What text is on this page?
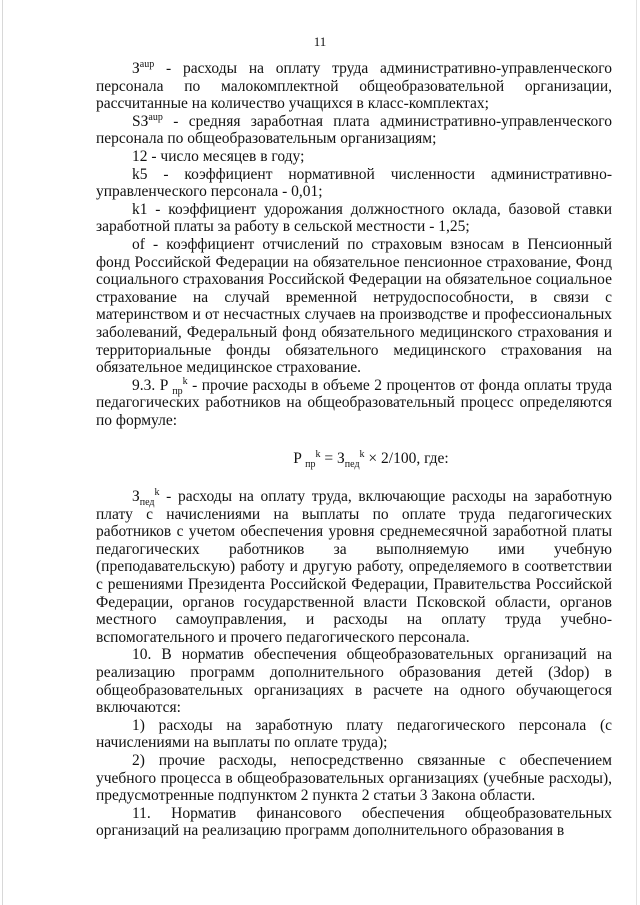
11

$З^{aup}$ - расходы на оплату труда административно-управленческого персонала по малокомплектной общеобразовательной организации, рассчитанные на количество учащихся в класс-комплектах;

$SЗ^{aup}$ - средняя заработная плата административно-управленческого персонала по общеобразовательным организациям;

12 - число месяцев в году;

k5 - коэффициент нормативной численности административно-управленческого персонала - 0,01;

k1 - коэффициент удорожания должностного оклада, базовой ставки заработной платы за работу в сельской местности - 1,25;

of - коэффициент отчислений по страховым взносам в Пенсионный фонд Российской Федерации на обязательное пенсионное страхование, Фонд социального страхования Российской Федерации на обязательное социальное страхование на случай временной нетрудоспособности, в связи с материнством и от несчастных случаев на производстве и профессиональных заболеваний, Федеральный фонд обязательного медицинского страхования и территориальные фонды обязательного медицинского страхования на обязательное медицинское страхование.

9.3. P $_{пр}^k$ - прочие расходы в объеме 2 процентов от фонда оплаты труда педагогических работников на общеобразовательный процесс определяются по формуле:

P $_{пр}^k = З_{пед}^k \times 2/100$, где:

$З_{пед}^k$ - расходы на оплату труда, включающие расходы на заработную плату с начислениями на выплаты по оплате труда педагогических работников с учетом обеспечения уровня среднемесячной заработной платы педагогических работников за выполняемую ими учебную (преподавательскую) работу и другую работу, определяемого в соответствии с решениями Президента Российской Федерации, Правительства Российской Федерации, органов государственной власти Псковской области, органов местного самоуправления, и расходы на оплату труда учебно-вспомогательного и прочего педагогического персонала.

10. В норматив обеспечения общеобразовательных организаций на реализацию программ дополнительного образования детей (Зdop) в общеобразовательных организациях в расчете на одного обучающегося включаются:

1) расходы на заработную плату педагогического персонала (с начислениями на выплаты по оплате труда);

2) прочие расходы, непосредственно связанные с обеспечением учебного процесса в общеобразовательных организациях (учебные расходы), предусмотренные подпунктом 2 пункта 2 статьи 3 Закона области.

11. Норматив финансового обеспечения общеобразовательных организаций на реализацию программ дополнительного образования в
